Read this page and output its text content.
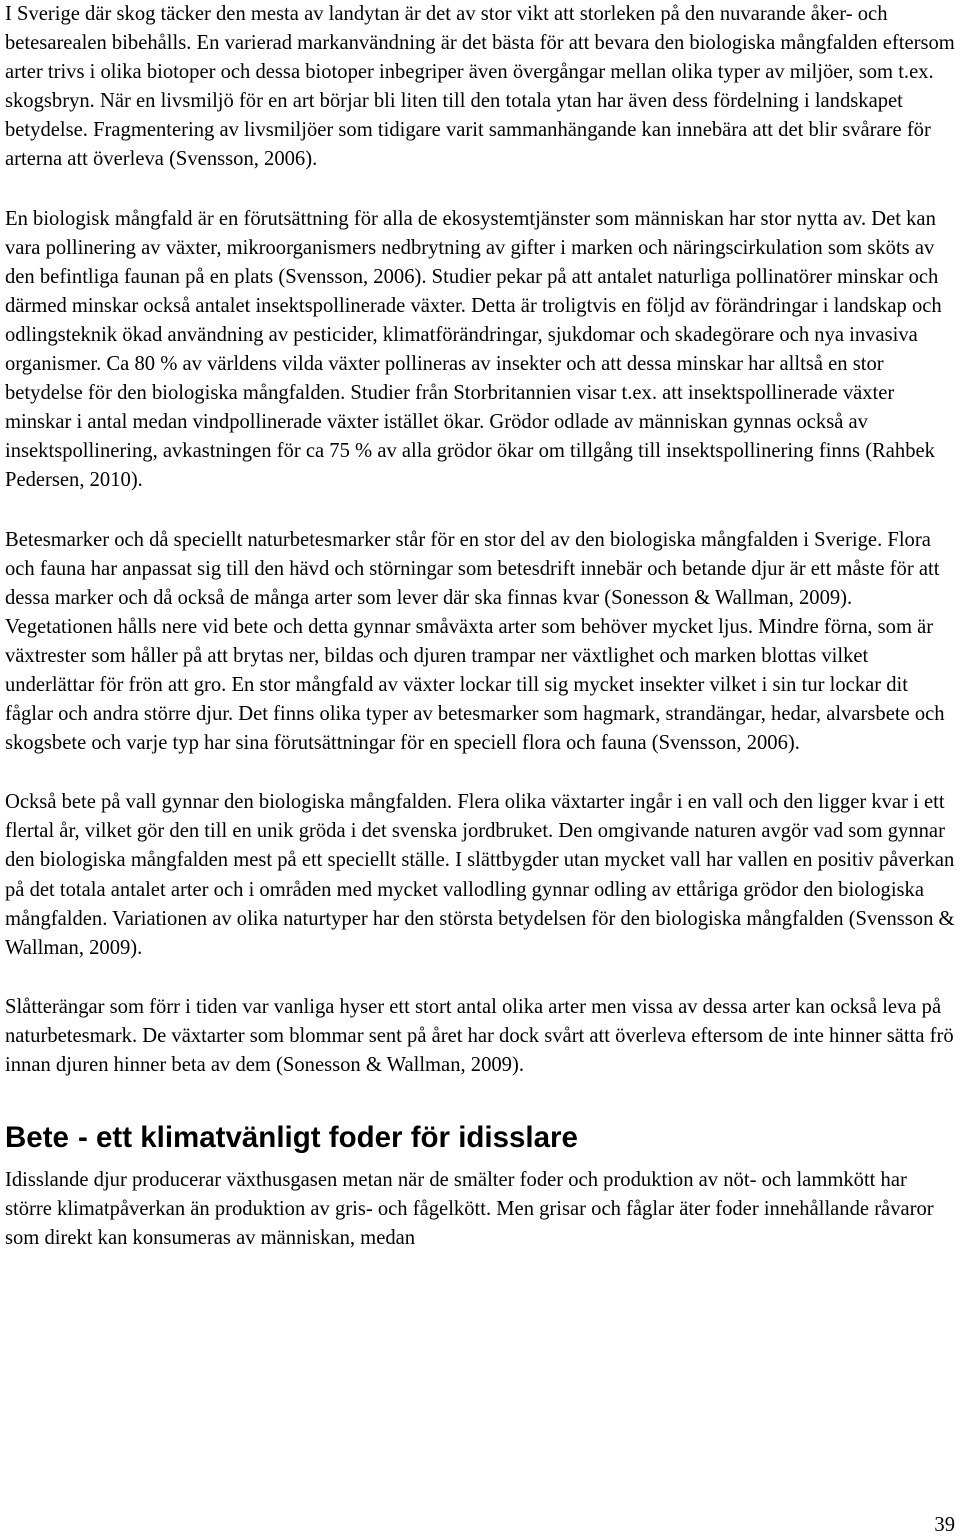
I Sverige där skog täcker den mesta av landytan är det av stor vikt att storleken på den nuvarande åker- och betesarealen bibehålls. En varierad markanvändning är det bästa för att bevara den biologiska mångfalden eftersom arter trivs i olika biotoper och dessa biotoper inbegriper även övergångar mellan olika typer av miljöer, som t.ex. skogsbryn. När en livsmiljö för en art börjar bli liten till den totala ytan har även dess fördelning i landskapet betydelse. Fragmentering av livsmiljöer som tidigare varit sammanhängande kan innebära att det blir svårare för arterna att överleva (Svensson, 2006).

En biologisk mångfald är en förutsättning för alla de ekosystemtjänster som människan har stor nytta av. Det kan vara pollinering av växter, mikroorganismers nedbrytning av gifter i marken och näringscirkulation som sköts av den befintliga faunan på en plats (Svensson, 2006). Studier pekar på att antalet naturliga pollinatörer minskar och därmed minskar också antalet insektspollinerade växter. Detta är troligtvis en följd av förändringar i landskap och odlingsteknik ökad användning av pesticider, klimatförändringar, sjukdomar och skadegörare och nya invasiva organismer. Ca 80 % av världens vilda växter pollineras av insekter och att dessa minskar har alltså en stor betydelse för den biologiska mångfalden. Studier från Storbritannien visar t.ex. att insektspollinerade växter minskar i antal medan vindpollinerade växter istället ökar. Grödor odlade av människan gynnas också av insektspollinering, avkastningen för ca 75 % av alla grödor ökar om tillgång till insektspollinering finns (Rahbek Pedersen, 2010).

Betesmarker och då speciellt naturbetesmarker står för en stor del av den biologiska mångfalden i Sverige. Flora och fauna har anpassat sig till den hävd och störningar som betesdrift innebär och betande djur är ett måste för att dessa marker och då också de många arter som lever där ska finnas kvar (Sonesson & Wallman, 2009). Vegetationen hålls nere vid bete och detta gynnar småväxta arter som behöver mycket ljus. Mindre förna, som är växtrester som håller på att brytas ner, bildas och djuren trampar ner växtlighet och marken blottas vilket underlättar för frön att gro. En stor mångfald av växter lockar till sig mycket insekter vilket i sin tur lockar dit fåglar och andra större djur. Det finns olika typer av betesmarker som hagmark, strandängar, hedar, alvarsbete och skogsbete och varje typ har sina förutsättningar för en speciell flora och fauna (Svensson, 2006).

Också bete på vall gynnar den biologiska mångfalden. Flera olika växtarter ingår i en vall och den ligger kvar i ett flertal år, vilket gör den till en unik gröda i det svenska jordbruket. Den omgivande naturen avgör vad som gynnar den biologiska mångfalden mest på ett speciellt ställe. I slättbygder utan mycket vall har vallen en positiv påverkan på det totala antalet arter och i områden med mycket vallodling gynnar odling av ettåriga grödor den biologiska mångfalden. Variationen av olika naturtyper har den största betydelsen för den biologiska mångfalden (Svensson & Wallman, 2009).

Slåtterängar som förr i tiden var vanliga hyser ett stort antal olika arter men vissa av dessa arter kan också leva på naturbetesmark. De växtarter som blommar sent på året har dock svårt att överleva eftersom de inte hinner sätta frö innan djuren hinner beta av dem (Sonesson & Wallman, 2009).

Bete - ett klimatvänligt foder för idisslare

Idisslande djur producerar växthusgasen metan när de smälter foder och produktion av nöt- och lammkött har större klimatpåverkan än produktion av gris- och fågelkött. Men grisar och fåglar äter foder innehållande råvaror som direkt kan konsumeras av människan, medan

39
